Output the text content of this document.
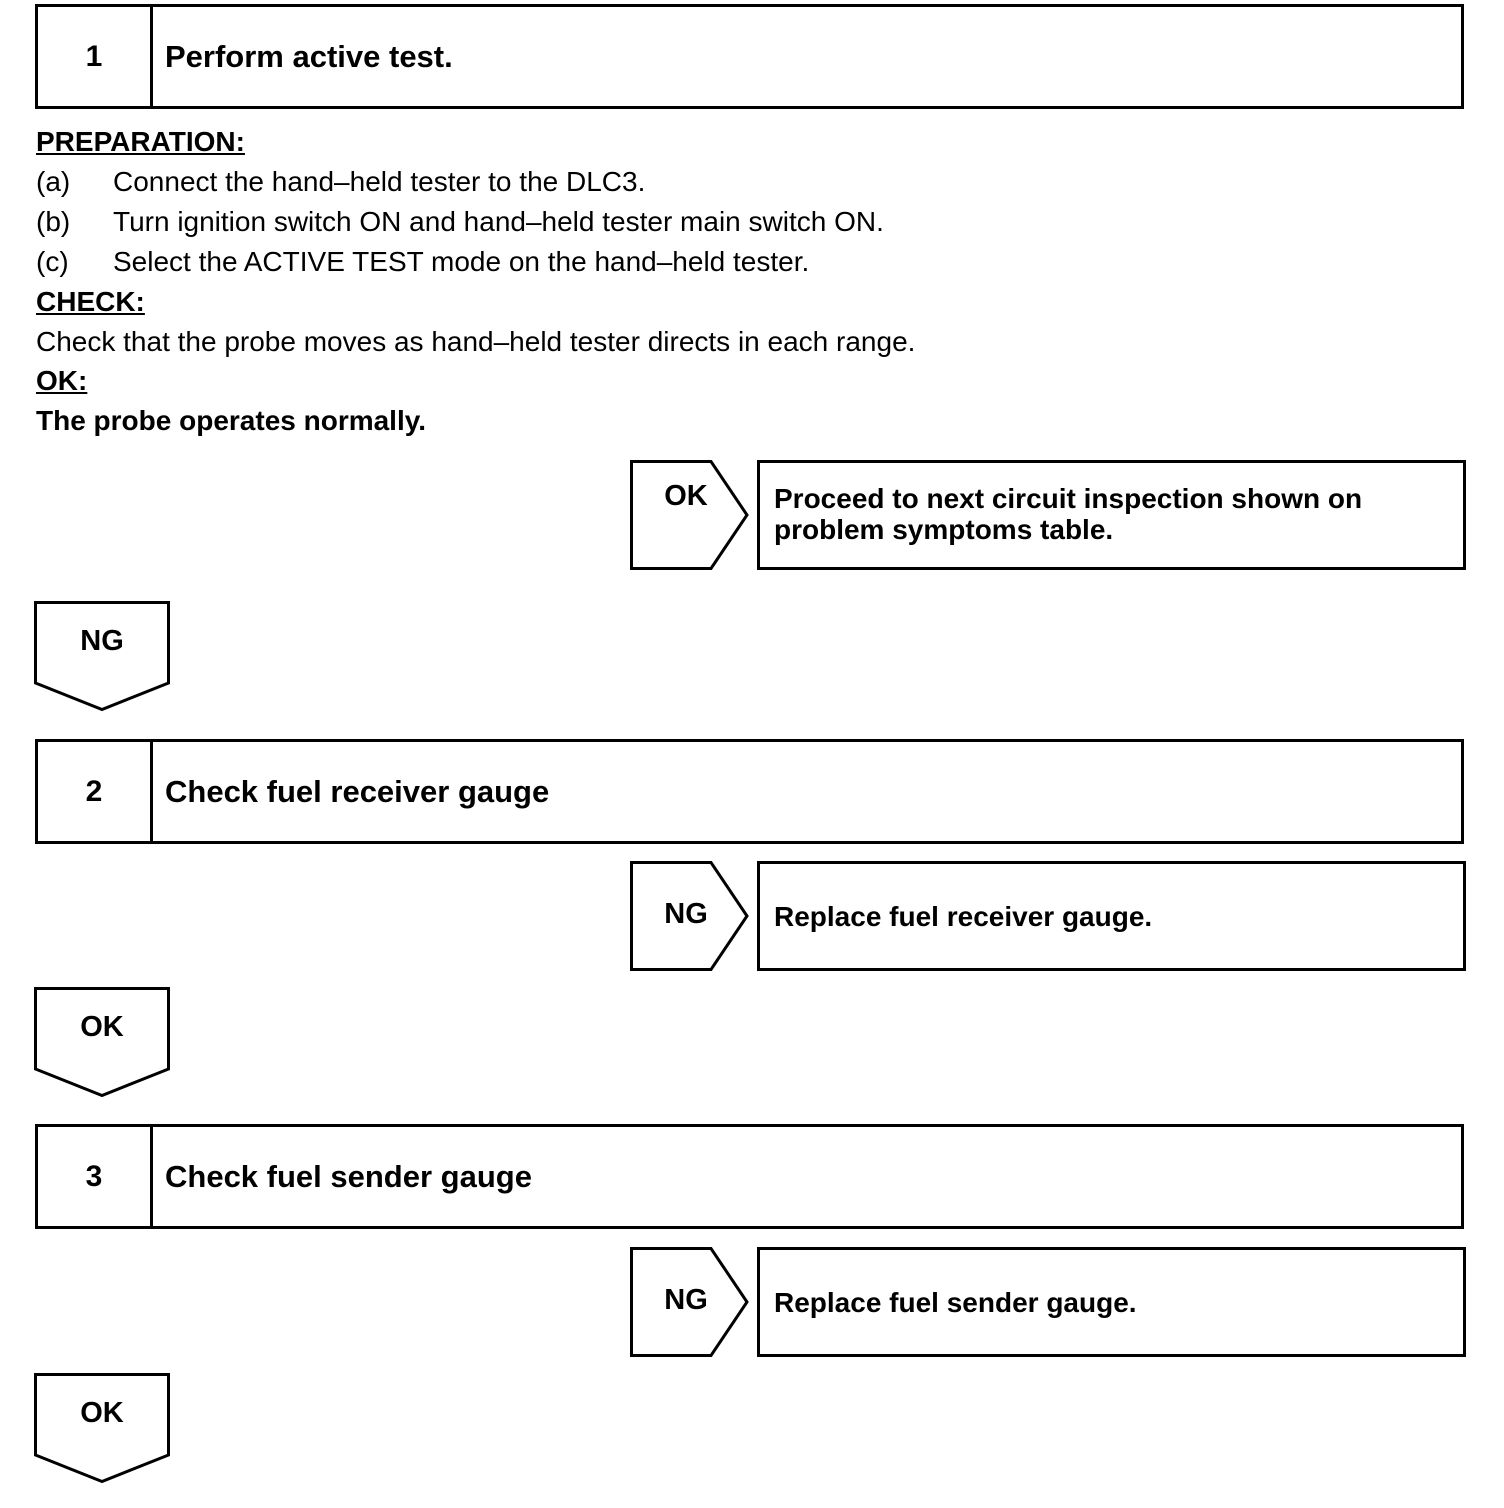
1	Perform active test.
PREPARATION:
(a) Connect the hand–held tester to the DLC3.
(b) Turn ignition switch ON and hand–held tester main switch ON.
(c) Select the ACTIVE TEST mode on the hand–held tester.
CHECK:
Check that the probe moves as hand–held tester directs in each range.
OK:
The probe operates normally.
OK	Proceed to next circuit inspection shown on
problem symptoms table.
NG
2	Check fuel receiver gauge
NG	Replace fuel receiver gauge.
OK
3	Check fuel sender gauge
NG	Replace fuel sender gauge.
OK
